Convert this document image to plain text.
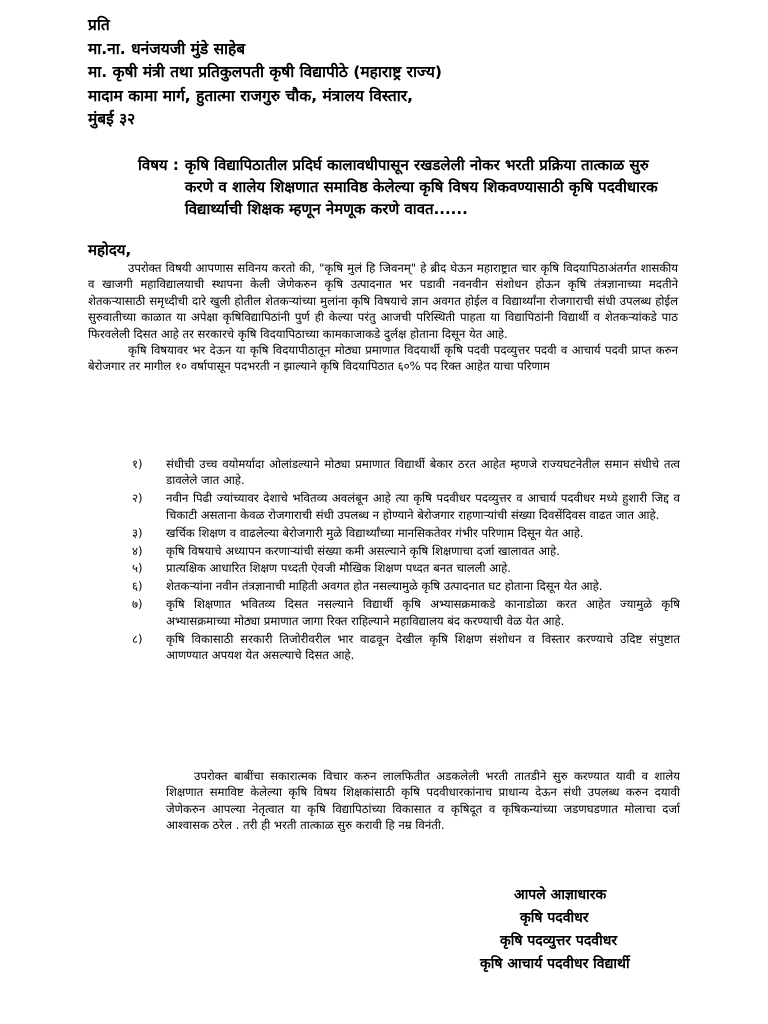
प्रति
मा.ना. धनंजयजी मुंडे साहेब
मा. कृषी मंत्री तथा प्रतिकुलपती कृषी विद्यापीठे (महाराष्ट्र राज्य)
मादाम कामा मार्ग, हुतात्मा राजगुरु चौक, मंत्रालय विस्तार,
मुंबई ३२
विषय : कृषि विद्यापिठातील प्रदिर्घ कालावधीपासून रखडलेली नोकर भरती प्रक्रिया तात्काळ सुरु करणे व शालेय शिक्षणात समाविष्ठ केलेल्या कृषि विषय शिकवण्यासाठी कृषि पदवीधारक विद्यार्थ्याची शिक्षक म्हणून नेमणूक करणे वावत......
महोदय,

उपरोक्त विषयी आपणास सविनय करतो की, "कृषि मुलं हि जिवनम्" हे ब्रीद घेऊन महाराष्ट्रात चार कृषि विदयापिठाअंतर्गत शासकीय व खाजगी महाविद्यालयाची स्थापना केली जेणेकरुन कृषि उत्पादनात भर पडावी नवनवीन संशोधन होऊन कृषि तंत्रज्ञानाच्या मदतीने शेतकऱ्यासाठी समृध्दीची दारे खुली होतील शेतकऱ्यांच्या मुलांना कृषि विषयाचे ज्ञान अवगत होईल व विद्यार्थ्यांना रोजगाराची संधी उपलब्ध होईल सुरुवातीच्या काळात या अपेक्षा कृषिविद्यापिठांनी पुर्ण ही केल्या परंतु आजची परिस्थिती पाहता या विद्यापिठांनी विद्यार्थी व शेतकऱ्यांकडे पाठ फिरवलेली दिसत आहे तर सरकारचे कृषि विदयापिठाच्या कामकाजाकडे दुर्लक्ष होताना दिसून येत आहे.

कृषि विषयावर भर देऊन या कृषि विदयापीठातून मोठ्या प्रमाणात विदयार्थी कृषि पदवी पदव्युत्तर पदवी व आचार्य पदवी प्राप्त करुन बेरोजगार तर मागील १० वर्षापासून पदभरती न झाल्याने कृषि विदयापिठात ६०% पद रिक्त आहेत याचा परिणाम

१)	संधीची उच्च वयोमर्यादा ओलांडल्याने मोठ्या प्रमाणात विद्यार्थी बेकार ठरत आहेत म्हणजे राज्यघटनेतील समान संधीचे तत्व डावलेले जात आहे.
२)	नवीन पिढी ज्यांच्यावर देशाचे भवितव्य अवलंबून आहे त्या कृषि पदवीधर पदव्युत्तर व आचार्य पदवीधर मध्ये हुशारी जिद्द व चिकाटी असताना केवळ रोजगाराची संधी उपलब्ध न होण्याने बेरोजगार राहणाऱ्यांची संख्या दिवसेंदिवस वाढत जात आहे.
३)	खर्चिक शिक्षण व वाढलेल्या बेरोजगारी मुळे विद्यार्थ्यांच्या मानसिकतेवर गंभीर परिणाम दिसून येत आहे.
४)	कृषि विषयाचे अध्यापन करणाऱ्यांची संख्या कमी असल्याने कृषि शिक्षणाचा दर्जा खालावत आहे.
५)	प्रात्यक्षिक आधारित शिक्षण पध्दती ऐवजी मौखिक शिक्षण पध्दत बनत चालली आहे.
६)	शेतकऱ्यांना नवीन तंत्रज्ञानाची माहिती अवगत होत नसल्यामुळे कृषि उत्पादनात घट होताना दिसून येत आहे.
७)	कृषि शिक्षणात भवितव्य दिसत नसल्याने विद्यार्थी कृषि अभ्यासक्रमाकडे कानाडोळा करत आहेत ज्यामुळे कृषि अभ्यासक्रमाच्या मोठ्या प्रमाणात जागा रिक्त राहिल्याने महाविद्यालय बंद करण्याची वेळ येत आहे.
८)	कृषि विकासाठी सरकारी तिजोरीवरील भार वाढवून देखील कृषि शिक्षण संशोधन व विस्तार करण्याचे उदिष्ट संपुष्टात आणण्यात अपयश येत असल्याचे दिसत आहे.

उपरोक्त बाबींचा सकारात्मक विचार करुन लालफितीत अडकलेली भरती तातडीने सुरु करण्यात यावी व शालेय शिक्षणात समाविष्ट केलेल्या कृषि विषय शिक्षकांसाठी कृषि पदवीधारकांनाच प्राधान्य देऊन संधी उपलब्ध करुन दयावी जेणेकरुन आपल्या नेतृत्वात या कृषि विद्यापिठांच्या विकासात व कृषिदूत व कृषिकन्यांच्या जडणघडणात मोलाचा दर्जा आश्वासक ठरेल . तरी ही भरती तात्काळ सुरु करावी हि नम्र विनंती.

आपले आज्ञाधारक
कृषि पदवीधर
कृषि पदव्युत्तर पदवीधर
कृषि आचार्य पदवीधर विद्यार्थी
